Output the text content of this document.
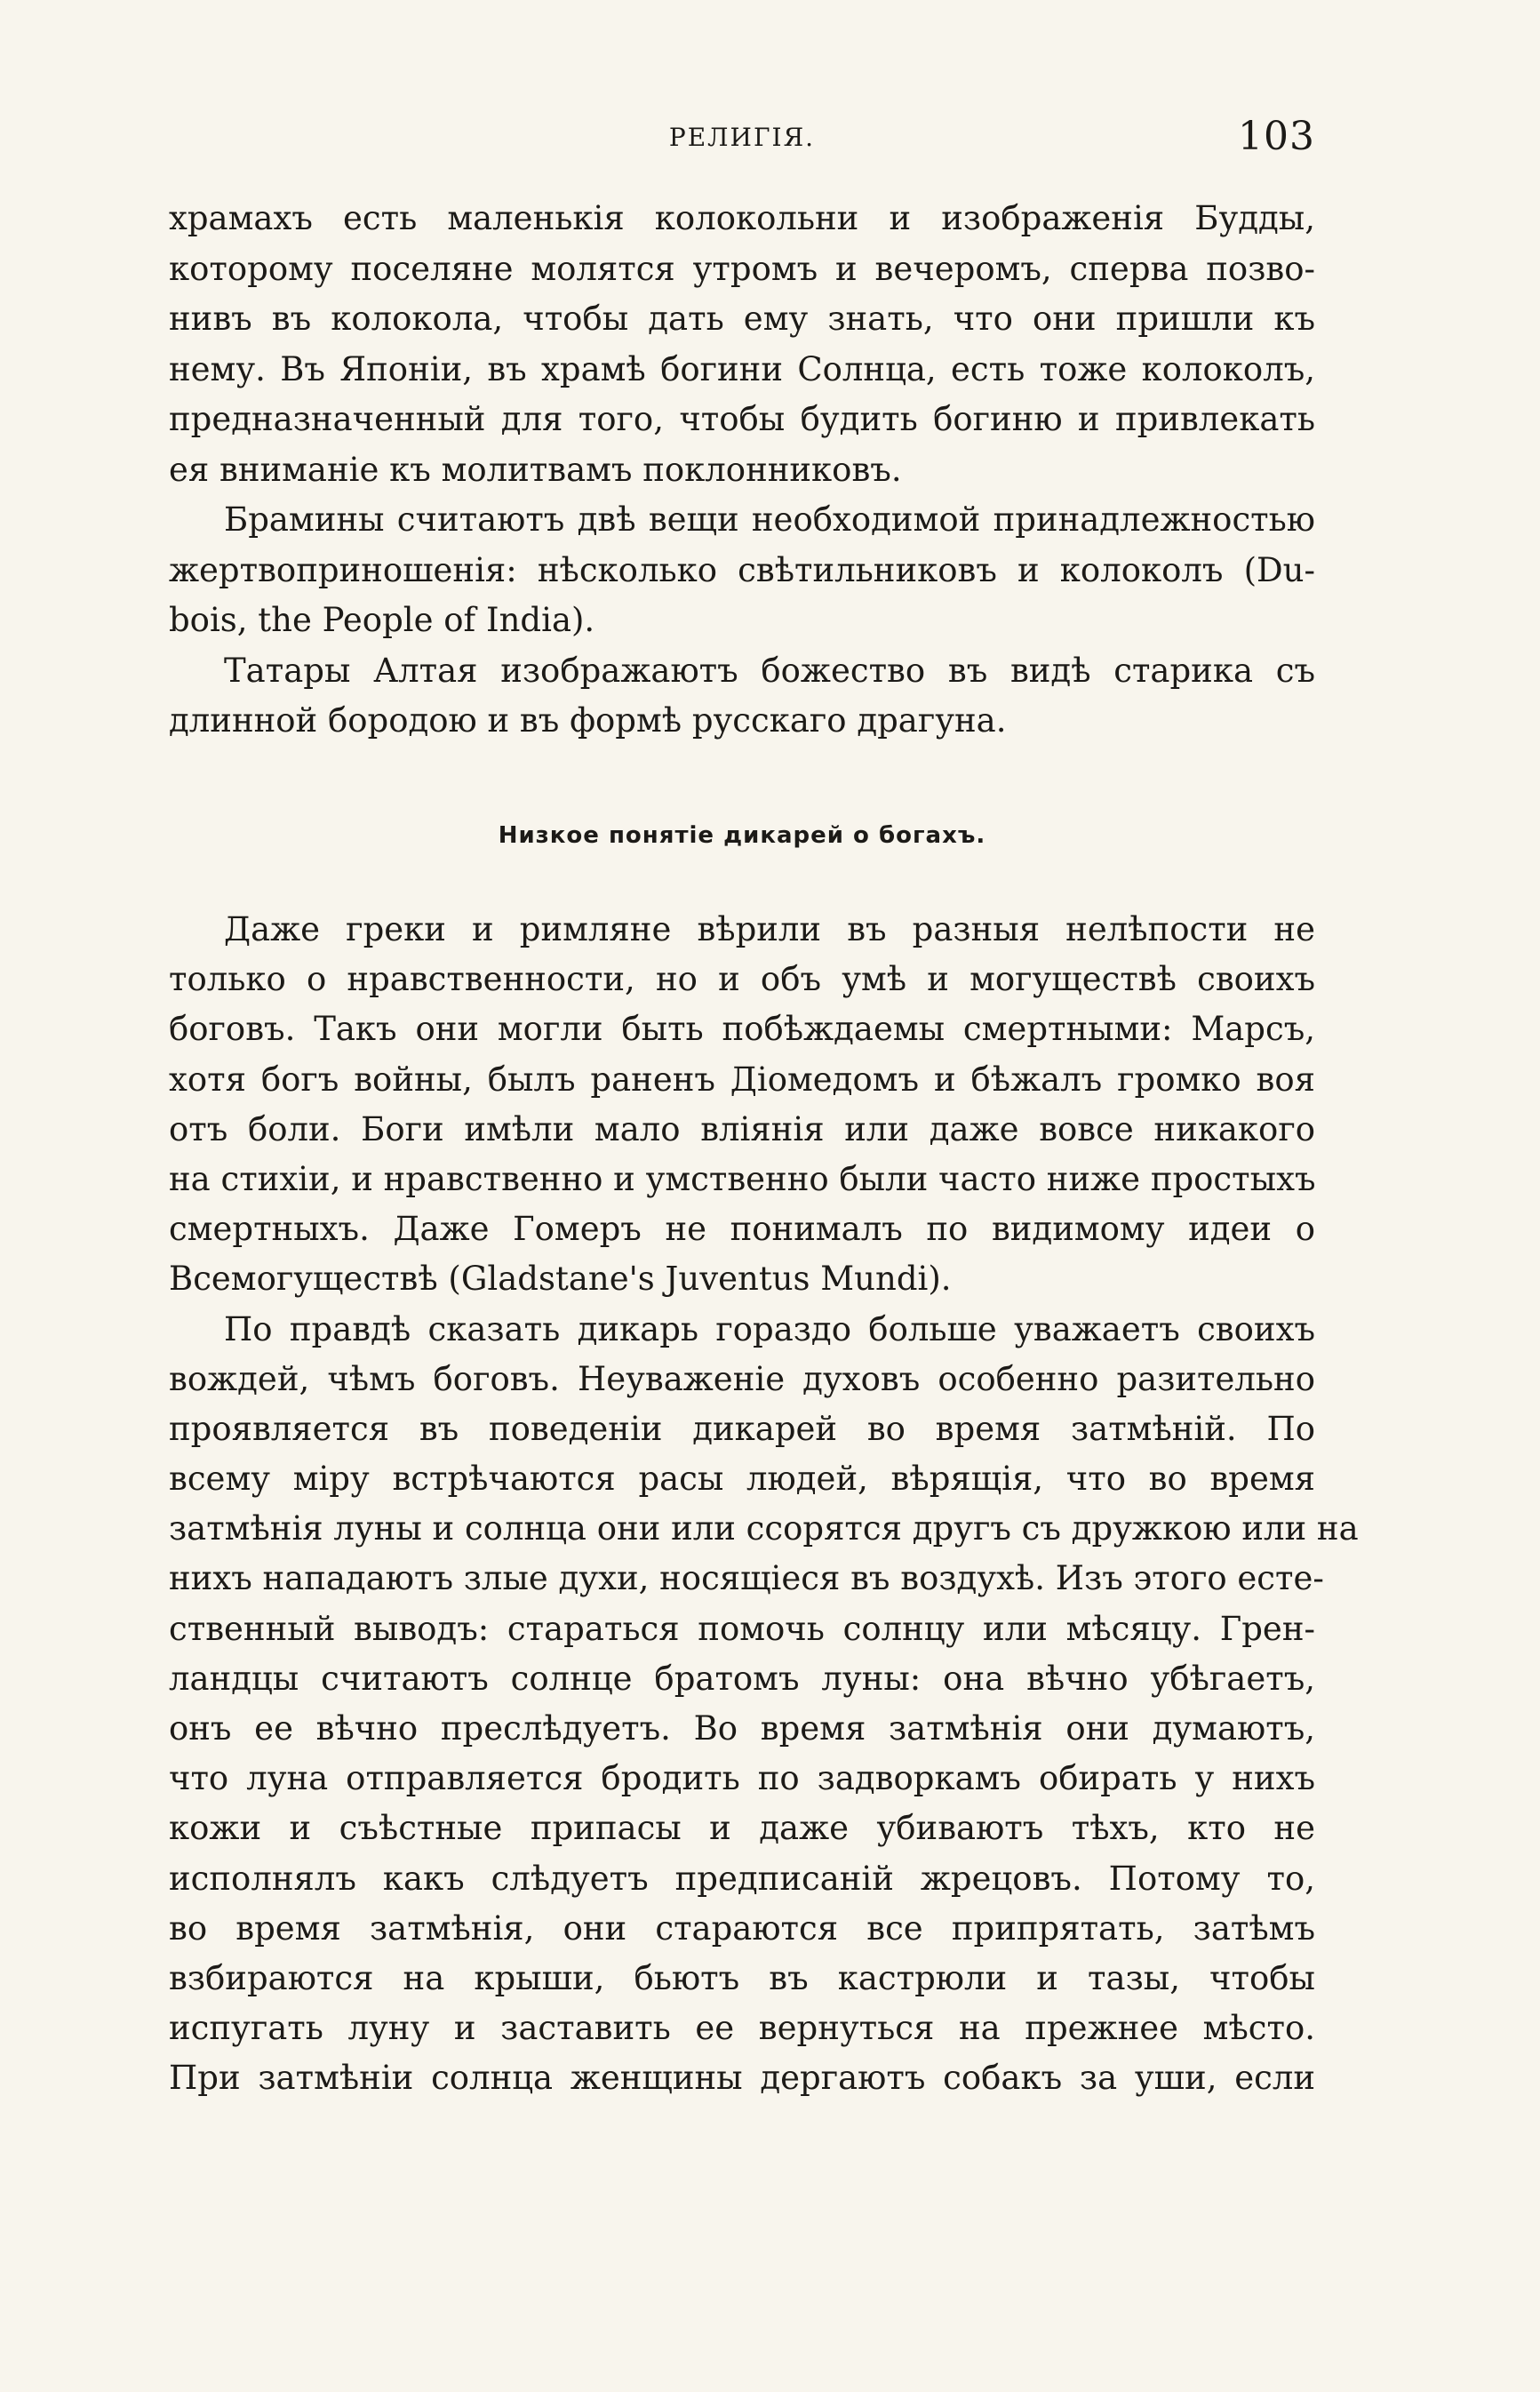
РЕЛИГІЯ.	103
храмахъ есть маленькія колокольни и изображенія Будды,
которому поселяне молятся утромъ и вечеромъ, сперва позво-
нивъ въ колокола, чтобы дать ему знать, что они пришли къ
нему. Въ Японіи, въ храмѣ богини Солнца, есть тоже колоколъ,
предназначенный для того, чтобы будить богиню и привлекать
ея вниманіе къ молитвамъ поклонниковъ.
Брамины считаютъ двѣ вещи необходимой принадлежностью
жертвоприношенія: нѣсколько свѣтильниковъ и колоколъ (Du-
bois, the People of India).
Татары Алтая изображаютъ божество въ видѣ старика съ
длинной бородою и въ формѣ русскаго драгуна.
Низкое понятіе дикарей о богахъ.
Даже греки и римляне вѣрили въ разныя нелѣпости не
только о нравственности, но и объ умѣ и могуществѣ своихъ
боговъ. Такъ они могли быть побѣждаемы смертными: Марсъ,
хотя богъ войны, былъ раненъ Діомедомъ и бѣжалъ громко воя
отъ боли. Боги имѣли мало вліянія или даже вовсе никакого
на стихіи, и нравственно и умственно были часто ниже простыхъ
смертныхъ. Даже Гомеръ не понималъ по видимому идеи о
Всемогуществѣ (Gladstane's Juventus Mundi).
По правдѣ сказать дикарь гораздо больше уважаетъ своихъ
вождей, чѣмъ боговъ. Неуваженіе духовъ особенно разительно
проявляется въ поведеніи дикарей во время затмѣній. По
всему міру встрѣчаются расы людей, вѣрящія, что во время
затмѣнія луны и солнца они или ссорятся другъ съ дружкою или на
нихъ нападаютъ злые духи, носящіеся въ воздухѣ. Изъ этого есте-
ственный выводъ: стараться помочь солнцу или мѣсяцу. Грен-
ландцы считаютъ солнце братомъ луны: она вѣчно убѣгаетъ,
онъ ее вѣчно преслѣдуетъ. Во время затмѣнія они думаютъ,
что луна отправляется бродить по задворкамъ обирать у нихъ
кожи и съѣстные припасы и даже убиваютъ тѣхъ, кто не
исполнялъ какъ слѣдуетъ предписаній жрецовъ. Потому то,
во время затмѣнія, они стараются все припрятать, затѣмъ
взбираются на крыши, бьютъ въ кастрюли и тазы, чтобы
испугать луну и заставить ее вернуться на прежнее мѣсто.
При затмѣніи солнца женщины дергаютъ собакъ за уши, если
